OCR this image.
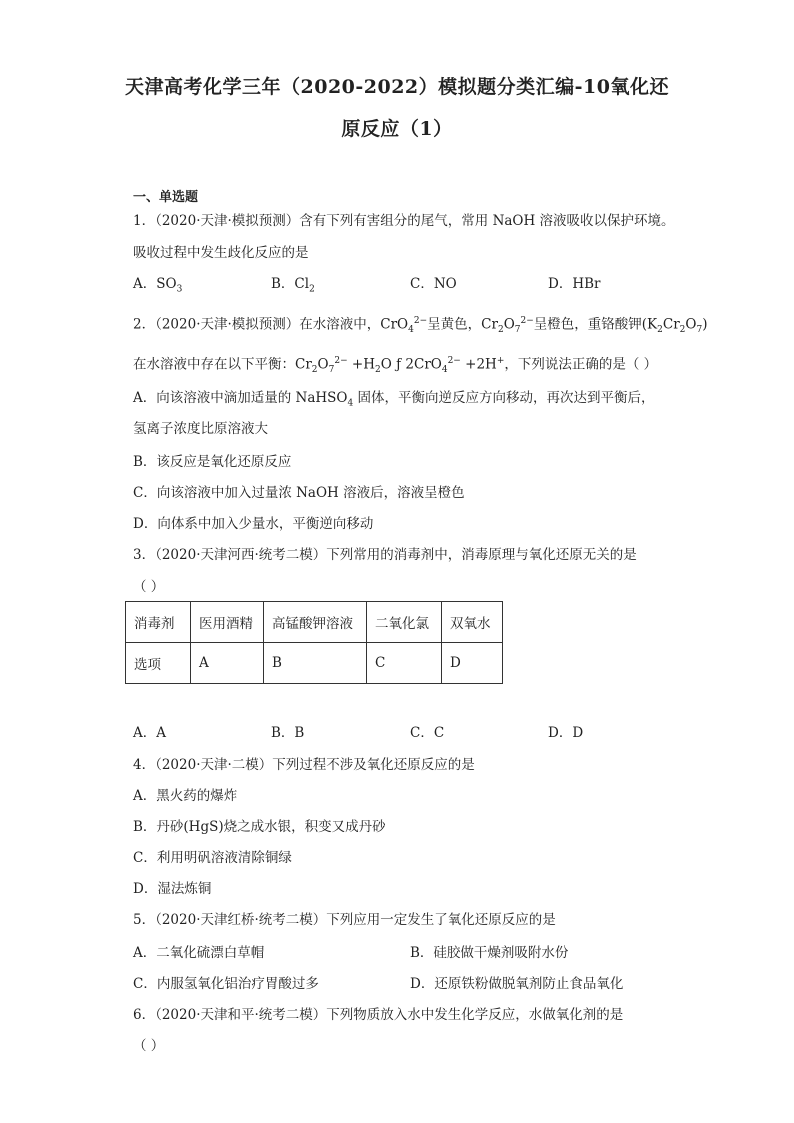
天津高考化学三年（2020-2022）模拟题分类汇编-10氧化还
原反应（1）
一、单选题
1．（2020·天津·模拟预测）含有下列有害组分的尾气，常用 NaOH 溶液吸收以保护环境。
吸收过程中发生歧化反应的是
A．$SO_3$	B．$Cl_2$	C．NO	D．HBr
2．（2020·天津·模拟预测）在水溶液中，CrO$_4^{2-}$呈黄色，$Cr_2O_7^{2-}$呈橙色，重铬酸钾$(K_2Cr_2O_7)$
在水溶液中存在以下平衡：$Cr_2O_7^{2-} +H_2O$ ƒ 2CrO$_4^{2-}$ +2H+，下列说法正确的是（ ）
A．向该溶液中滴加适量的 NaHSO$_4$ 固体，平衡向逆反应方向移动，再次达到平衡后，
氢离子浓度比原溶液大
B．该反应是氧化还原反应
C．向该溶液中加入过量浓 NaOH 溶液后，溶液呈橙色
D．向体系中加入少量水，平衡逆向移动
3．（2020·天津河西·统考二模）下列常用的消毒剂中，消毒原理与氧化还原无关的是
（ ）
消毒剂	医用酒精	高锰酸钾溶液	二氧化氯	双氧水
选项	A	B	C	D
A．A	B．B	C．C	D．D
4．（2020·天津·二模）下列过程不涉及氧化还原反应的是
A．黑火药的爆炸
B．丹砂(HgS)烧之成水银，积变又成丹砂
C．利用明矾溶液清除铜绿
D．湿法炼铜
5．（2020·天津红桥·统考二模）下列应用一定发生了氧化还原反应的是
A．二氧化硫漂白草帽	B．硅胶做干燥剂吸附水份
C．内服氢氧化铝治疗胃酸过多	D．还原铁粉做脱氧剂防止食品氧化
6．（2020·天津和平·统考二模）下列物质放入水中发生化学反应，水做氧化剂的是
（ ）
